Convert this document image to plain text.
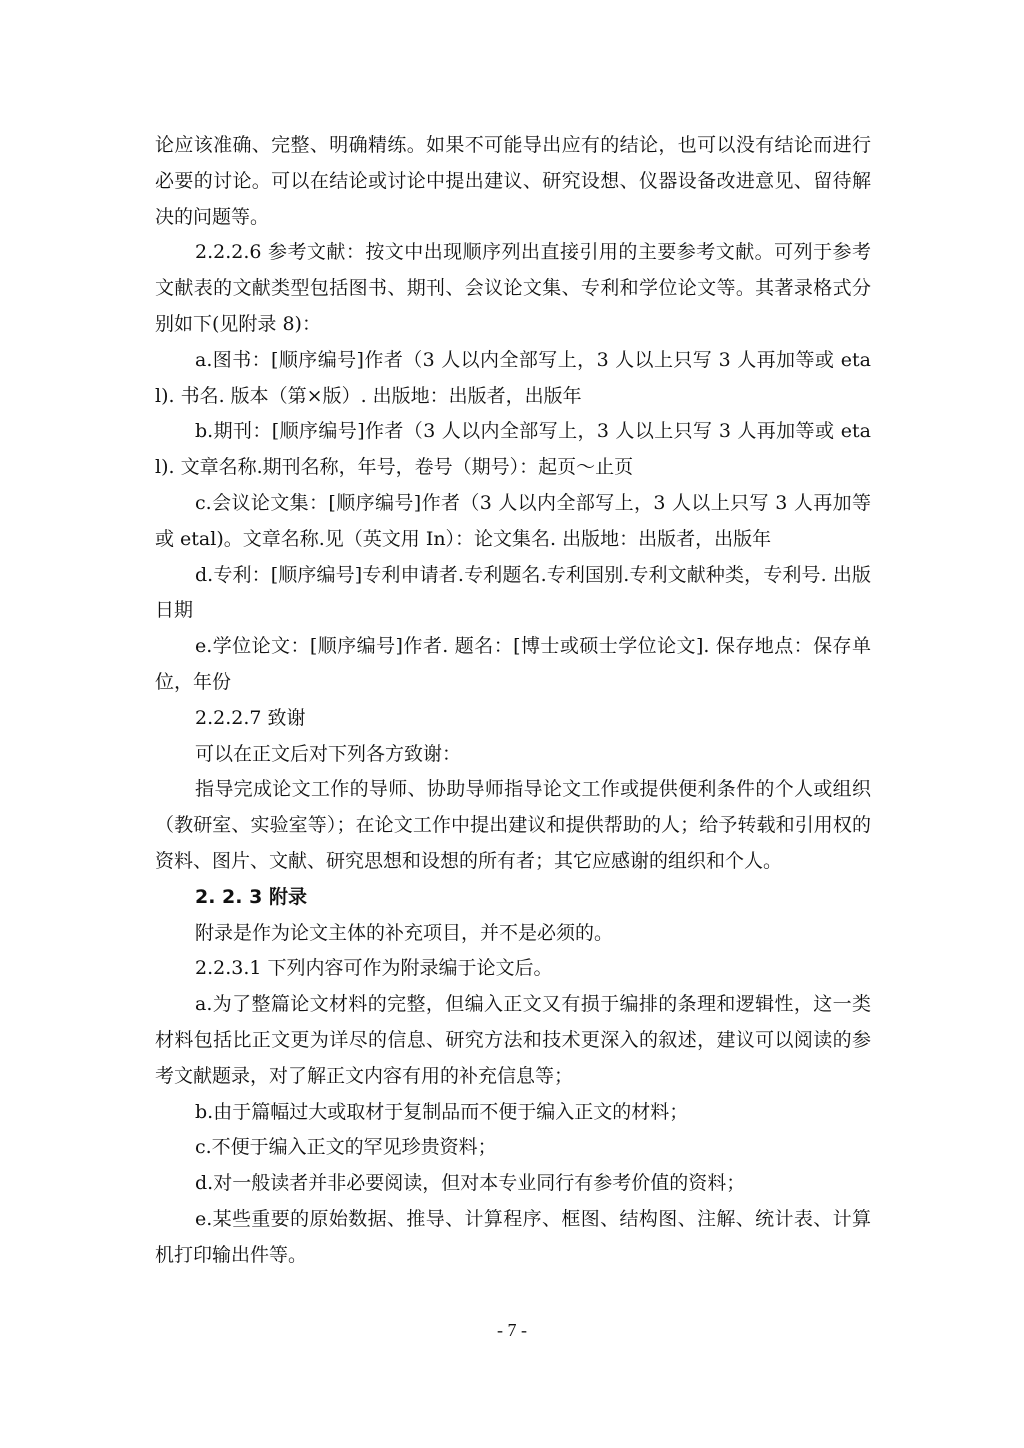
论应该准确、完整、明确精练。如果不可能导出应有的结论，也可以没有结论而进行必要的讨论。可以在结论或讨论中提出建议、研究设想、仪器设备改进意见、留待解决的问题等。

2.2.2.6 参考文献：按文中出现顺序列出直接引用的主要参考文献。可列于参考文献表的文献类型包括图书、期刊、会议论文集、专利和学位论文等。其著录格式分别如下(见附录 8)：

a.图书：[顺序编号]作者（3 人以内全部写上，3 人以上只写 3 人再加等或 etal). 书名. 版本（第×版）. 出版地：出版者，出版年

b.期刊：[顺序编号]作者（3 人以内全部写上，3 人以上只写 3 人再加等或 etal). 文章名称.期刊名称，年号，卷号（期号）：起页～止页

c.会议论文集：[顺序编号]作者（3 人以内全部写上，3 人以上只写 3 人再加等或 etal)。文章名称.见（英文用 In）：论文集名. 出版地：出版者，出版年

d.专利：[顺序编号]专利申请者.专利题名.专利国别.专利文献种类，专利号. 出版日期

e.学位论文：[顺序编号]作者. 题名：[博士或硕士学位论文]. 保存地点：保存单位，年份

2.2.2.7 致谢

可以在正文后对下列各方致谢：

指导完成论文工作的导师、协助导师指导论文工作或提供便利条件的个人或组织（教研室、实验室等）；在论文工作中提出建议和提供帮助的人；给予转载和引用权的资料、图片、文献、研究思想和设想的所有者；其它应感谢的组织和个人。

2. 2. 3 附录

附录是作为论文主体的补充项目，并不是必须的。

2.2.3.1 下列内容可作为附录编于论文后。

a.为了整篇论文材料的完整，但编入正文又有损于编排的条理和逻辑性，这一类材料包括比正文更为详尽的信息、研究方法和技术更深入的叙述，建议可以阅读的参考文献题录，对了解正文内容有用的补充信息等；

b.由于篇幅过大或取材于复制品而不便于编入正文的材料；

c.不便于编入正文的罕见珍贵资料；

d.对一般读者并非必要阅读，但对本专业同行有参考价值的资料；

e.某些重要的原始数据、推导、计算程序、框图、结构图、注解、统计表、计算机打印输出件等。

- 7 -
